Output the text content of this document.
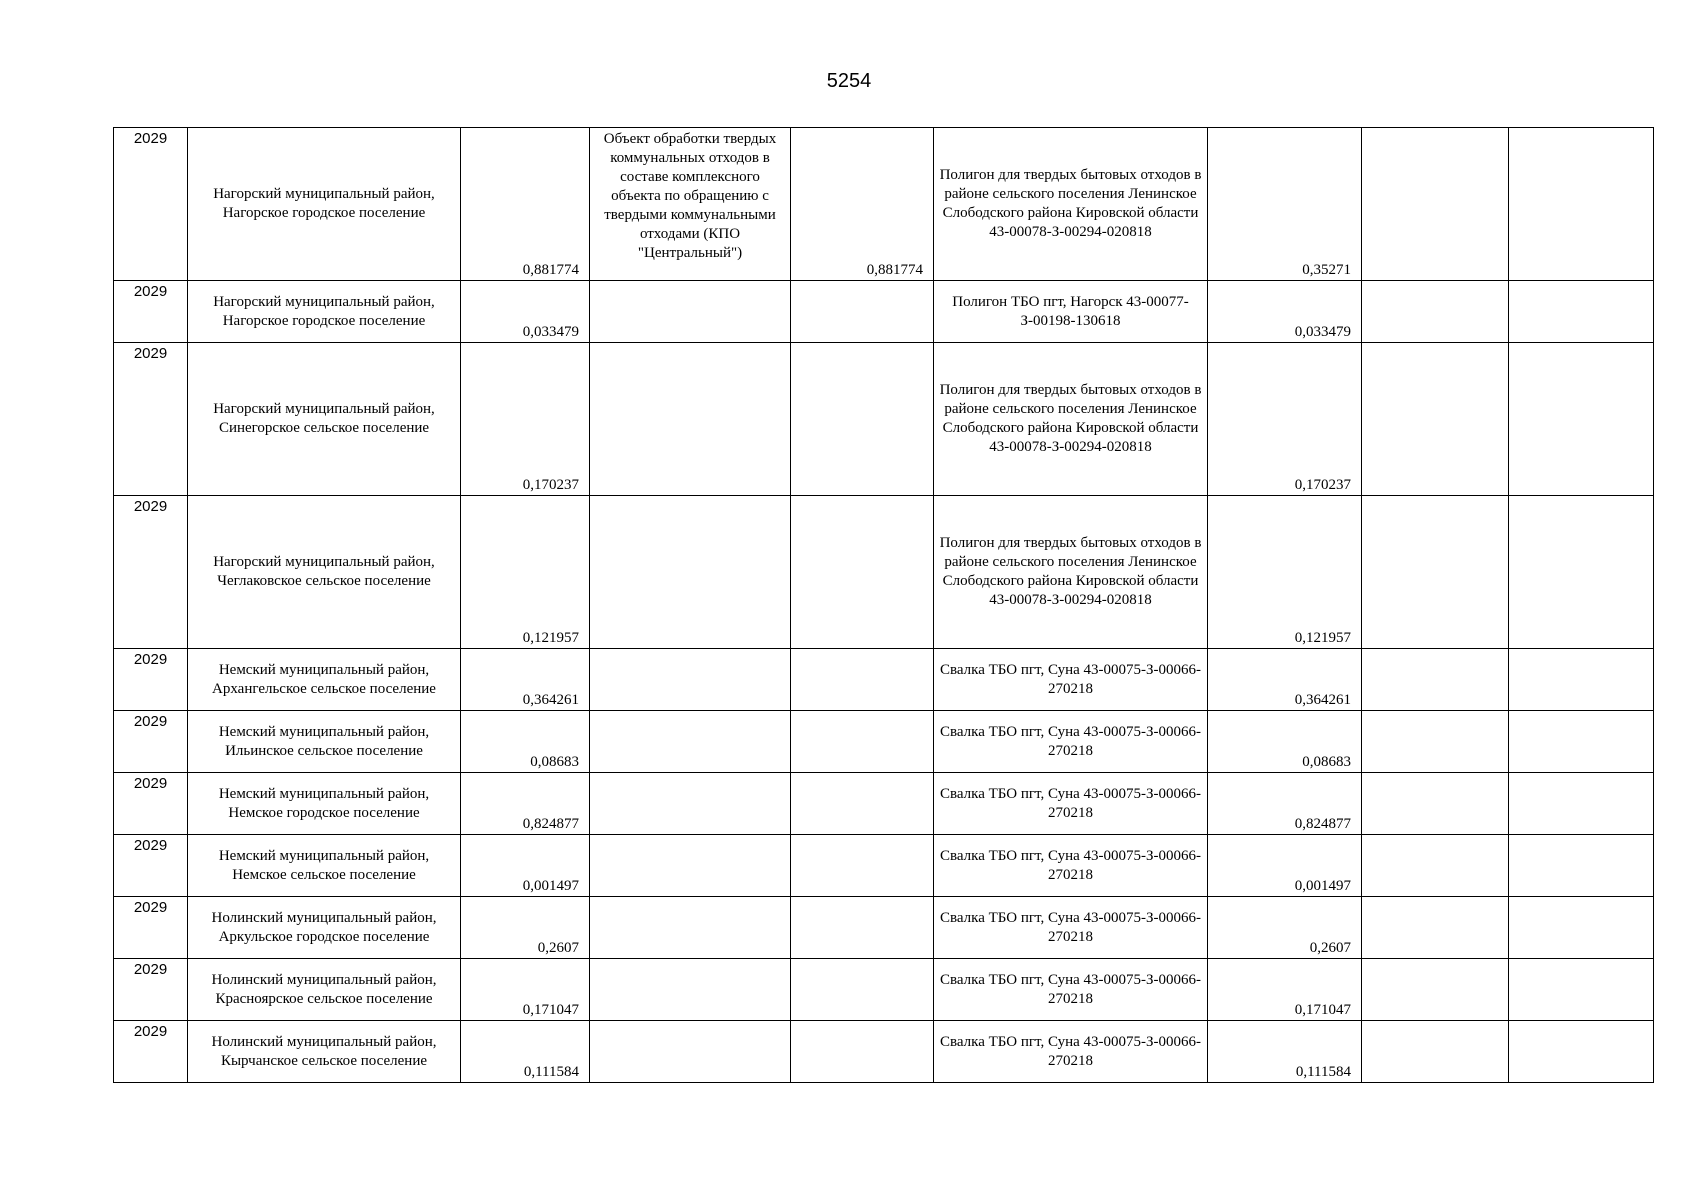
5254
2029	Нагорский муниципальный район, Нагорское городское поселение	0,881774	Объект обработки твердых коммунальных отходов в составе комплексного объекта по обращению с твердыми коммунальными отходами (КПО "Центральный")	0,881774	Полигон для твердых бытовых отходов в районе сельского поселения Ленинское Слободского района Кировской области 43-00078-З-00294-020818	0,35271		

2029	Нагорский муниципальный район, Нагорское городское поселение	0,033479			Полигон ТБО пгт, Нагорск 43-00077-З-00198-130618	0,033479		

2029	Нагорский муниципальный район, Синегорское сельское поселение	0,170237			Полигон для твердых бытовых отходов в районе сельского поселения Ленинское Слободского района Кировской области 43-00078-З-00294-020818	0,170237		

2029	Нагорский муниципальный район, Чеглаковское сельское поселение	0,121957			Полигон для твердых бытовых отходов в районе сельского поселения Ленинское Слободского района Кировской области 43-00078-З-00294-020818	0,121957		

2029	Немский муниципальный район, Архангельское сельское поселение	0,364261			Свалка ТБО пгт, Суна 43-00075-З-00066-270218	0,364261		

2029	Немский муниципальный район, Ильинское сельское поселение	0,08683			Свалка ТБО пгт, Суна 43-00075-З-00066-270218	0,08683		

2029	Немский муниципальный район, Немское городское поселение	0,824877			Свалка ТБО пгт, Суна 43-00075-З-00066-270218	0,824877		

2029	Немский муниципальный район, Немское сельское поселение	0,001497			Свалка ТБО пгт, Суна 43-00075-З-00066-270218	0,001497		

2029	Нолинский муниципальный район, Аркульское городское поселение	0,2607			Свалка ТБО пгт, Суна 43-00075-З-00066-270218	0,2607		

2029	Нолинский муниципальный район, Красноярское сельское поселение	0,171047			Свалка ТБО пгт, Суна 43-00075-З-00066-270218	0,171047		

2029	Нолинский муниципальный район, Кырчанское сельское поселение	0,111584			Свалка ТБО пгт, Суна 43-00075-З-00066-270218	0,111584		
